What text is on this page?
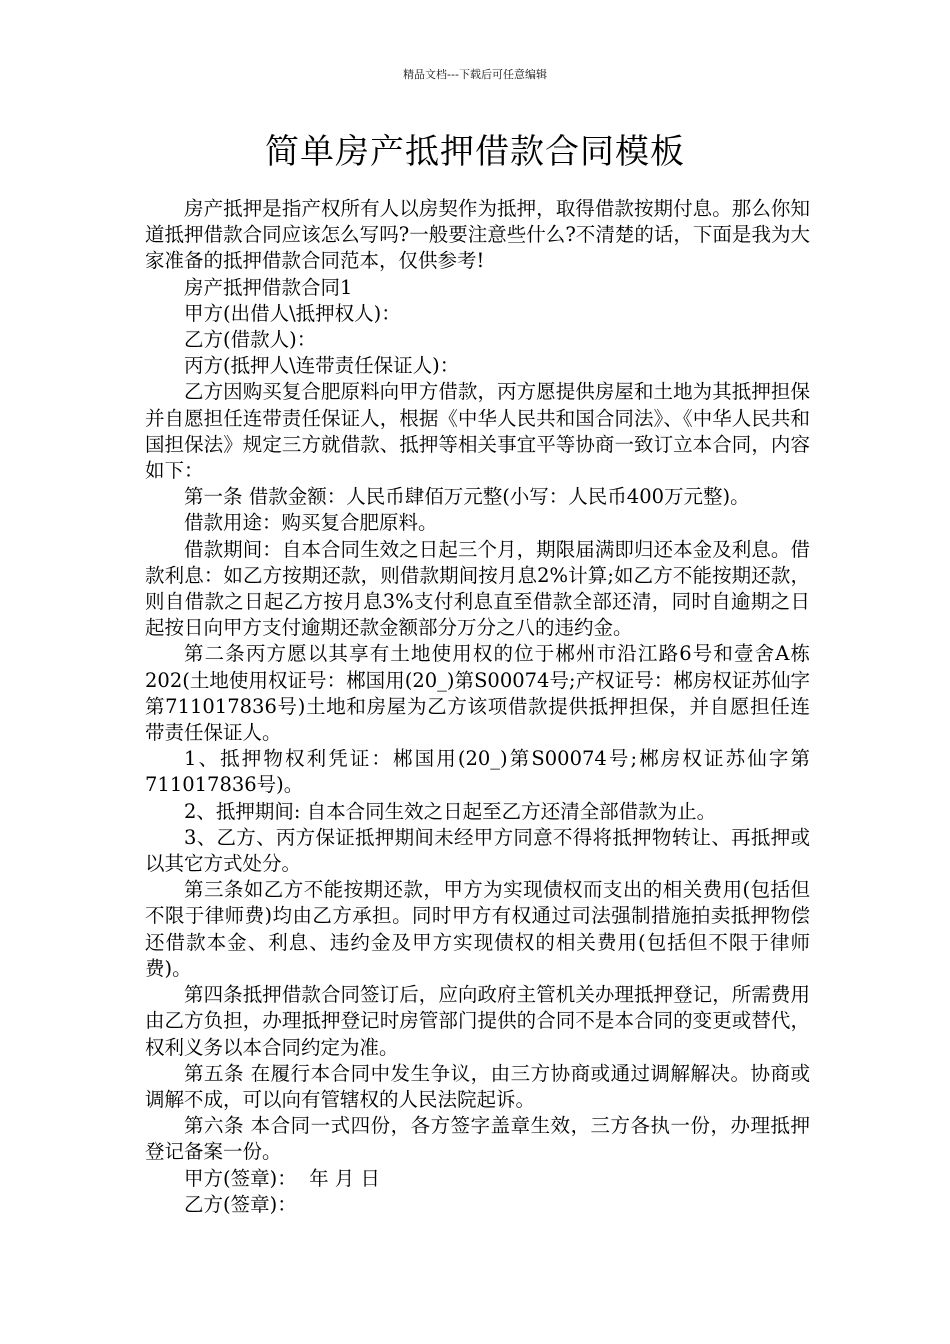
精品文档---下载后可任意编辑
简单房产抵押借款合同模板

房产抵押是指产权所有人以房契作为抵押，取得借款按期付息。那么你知道抵押借款合同应该怎么写吗?一般要注意些什么?不清楚的话，下面是我为大家准备的抵押借款合同范本，仅供参考!

房产抵押借款合同1

甲方(出借人\抵押权人)：

乙方(借款人)：

丙方(抵押人\连带责任保证人)：

乙方因购买复合肥原料向甲方借款，丙方愿提供房屋和土地为其抵押担保并自愿担任连带责任保证人，根据《中华人民共和国合同法》、《中华人民共和国担保法》规定三方就借款、抵押等相关事宜平等协商一致订立本合同，内容如下：

第一条 借款金额：人民币肆佰万元整(小写：人民币400万元整)。

借款用途：购买复合肥原料。

借款期间：自本合同生效之日起三个月，期限届满即归还本金及利息。借款利息：如乙方按期还款，则借款期间按月息2%计算;如乙方不能按期还款，则自借款之日起乙方按月息3%支付利息直至借款全部还清，同时自逾期之日起按日向甲方支付逾期还款金额部分万分之八的违约金。

第二条丙方愿以其享有土地使用权的位于郴州市沿江路6号和壹舍A栋202(土地使用权证号：郴国用(20_)第S00074号;产权证号：郴房权证苏仙字第711017836号)土地和房屋为乙方该项借款提供抵押担保，并自愿担任连带责任保证人。

1、抵押物权利凭证：郴国用(20_)第S00074号;郴房权证苏仙字第711017836号)。

2、抵押期间: 自本合同生效之日起至乙方还清全部借款为止。

3、乙方、丙方保证抵押期间未经甲方同意不得将抵押物转让、再抵押或以其它方式处分。

第三条如乙方不能按期还款，甲方为实现债权而支出的相关费用(包括但不限于律师费)均由乙方承担。同时甲方有权通过司法强制措施拍卖抵押物偿还借款本金、利息、违约金及甲方实现债权的相关费用(包括但不限于律师费)。

第四条抵押借款合同签订后，应向政府主管机关办理抵押登记，所需费用由乙方负担，办理抵押登记时房管部门提供的合同不是本合同的变更或替代，权利义务以本合同约定为准。

第五条 在履行本合同中发生争议，由三方协商或通过调解解决。协商或调解不成，可以向有管辖权的人民法院起诉。

第六条 本合同一式四份，各方签字盖章生效，三方各执一份，办理抵押登记备案一份。

甲方(签章)：  年 月 日

乙方(签章)：
